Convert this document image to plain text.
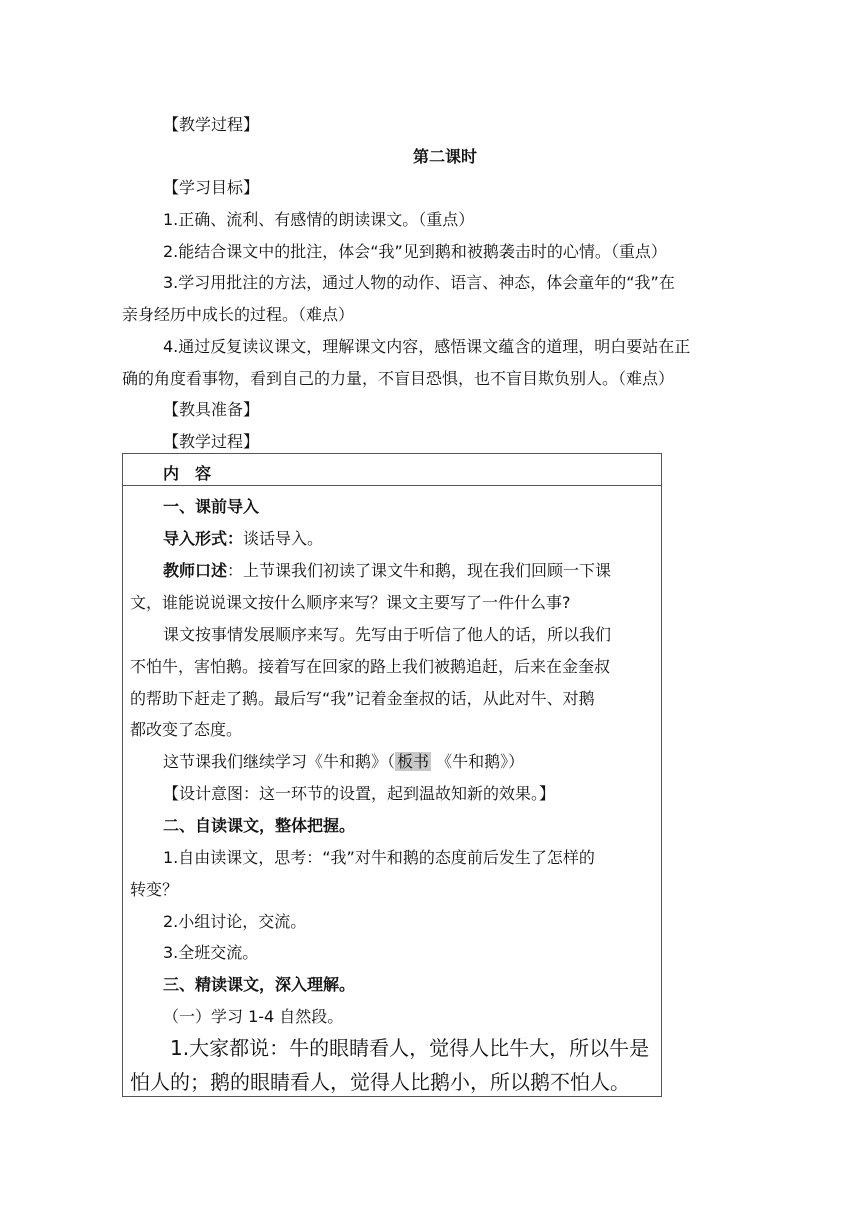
【教学过程】
第二课时
【学习目标】
1.正确、流利、有感情的朗读课文。（重点）
2.能结合课文中的批注，体会“我”见到鹅和被鹅袭击时的心情。（重点）
3.学习用批注的方法，通过人物的动作、语言、神态，体会童年的“我”在
亲身经历中成长的过程。（难点）
4.通过反复读议课文，理解课文内容，感悟课文蕴含的道理，明白要站在正
确的角度看事物，看到自己的力量，不盲目恐惧，也不盲目欺负别人。（难点）
【教具准备】
【教学过程】
内　容
一、课前导入
导入形式：谈话导入。
教师口述：上节课我们初读了课文牛和鹅，现在我们回顾一下课
文，谁能说说课文按什么顺序来写？课文主要写了一件什么事?
课文按事情发展顺序来写。先写由于听信了他人的话，所以我们
不怕牛，害怕鹅。接着写在回家的路上我们被鹅追赶，后来在金奎叔
的帮助下赶走了鹅。最后写“我”记着金奎叔的话，从此对牛、对鹅
都改变了态度。
这节课我们继续学习《牛和鹅》（ 板书 《牛和鹅》）
【设计意图：这一环节的设置，起到温故知新的效果。】
二、自读课文，整体把握。
1.自由读课文，思考：“我”对牛和鹅的态度前后发生了怎样的
转变？
2.小组讨论，交流。
3.全班交流。
三、精读课文，深入理解。
（一）学习 1-4 自然段。
1.大家都说：牛的眼睛看人，觉得人比牛大，所以牛是
怕人的；鹅的眼睛看人，觉得人比鹅小，所以鹅不怕人。
